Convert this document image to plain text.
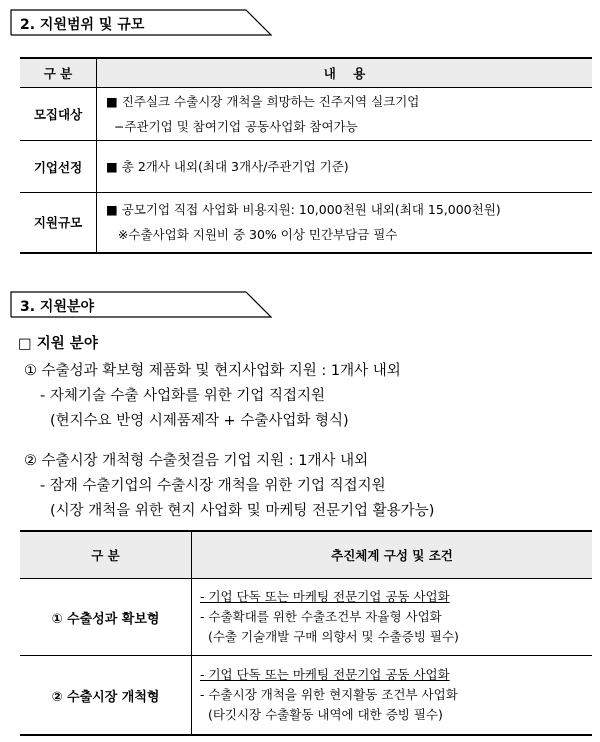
2. 지원범위 및 규모
구 분	내    용
모집대상	■ 진주실크 수출시장 개척을 희망하는 진주지역 실크기업
−주관기업 및 참여기업 공동사업화 참여가능

기업선정	■ 총 2개사 내외(최대 3개사/주관기업 기준)

지원규모	■ 공모기업 직접 사업화 비용지원: 10,000천원 내외(최대 15,000천원)
※수출사업화 지원비 중 30% 이상 민간부담금 필수
3. 지원분야
□ 지원 분야
① 수출성과 확보형 제품화 및 현지사업화 지원 : 1개사 내외
- 자체기술 수출 사업화를 위한 기업 직접지원
(현지수요 반영 시제품제작 + 수출사업화 형식)
② 수출시장 개척형 수출첫걸음 기업 지원 : 1개사 내외
- 잠재 수출기업의 수출시장 개척을 위한 기업 직접지원
(시장 개척을 위한 현지 사업화 및 마케팅 전문기업 활용가능)
구 분	추진체계 구성 및 조건
① 수출성과 확보형	- 기업 단독 또는 마케팅 전문기업 공동 사업화
- 수출확대를 위한 수출조건부 자율형 사업화
(수출 기술개발 구매 의향서 및 수출증빙 필수)

② 수출시장 개척형	- 기업 단독 또는 마케팅 전문기업 공동 사업화
- 수출시장 개척을 위한 현지활동 조건부 사업화
(타깃시장 수출활동 내역에 대한 증빙 필수)
